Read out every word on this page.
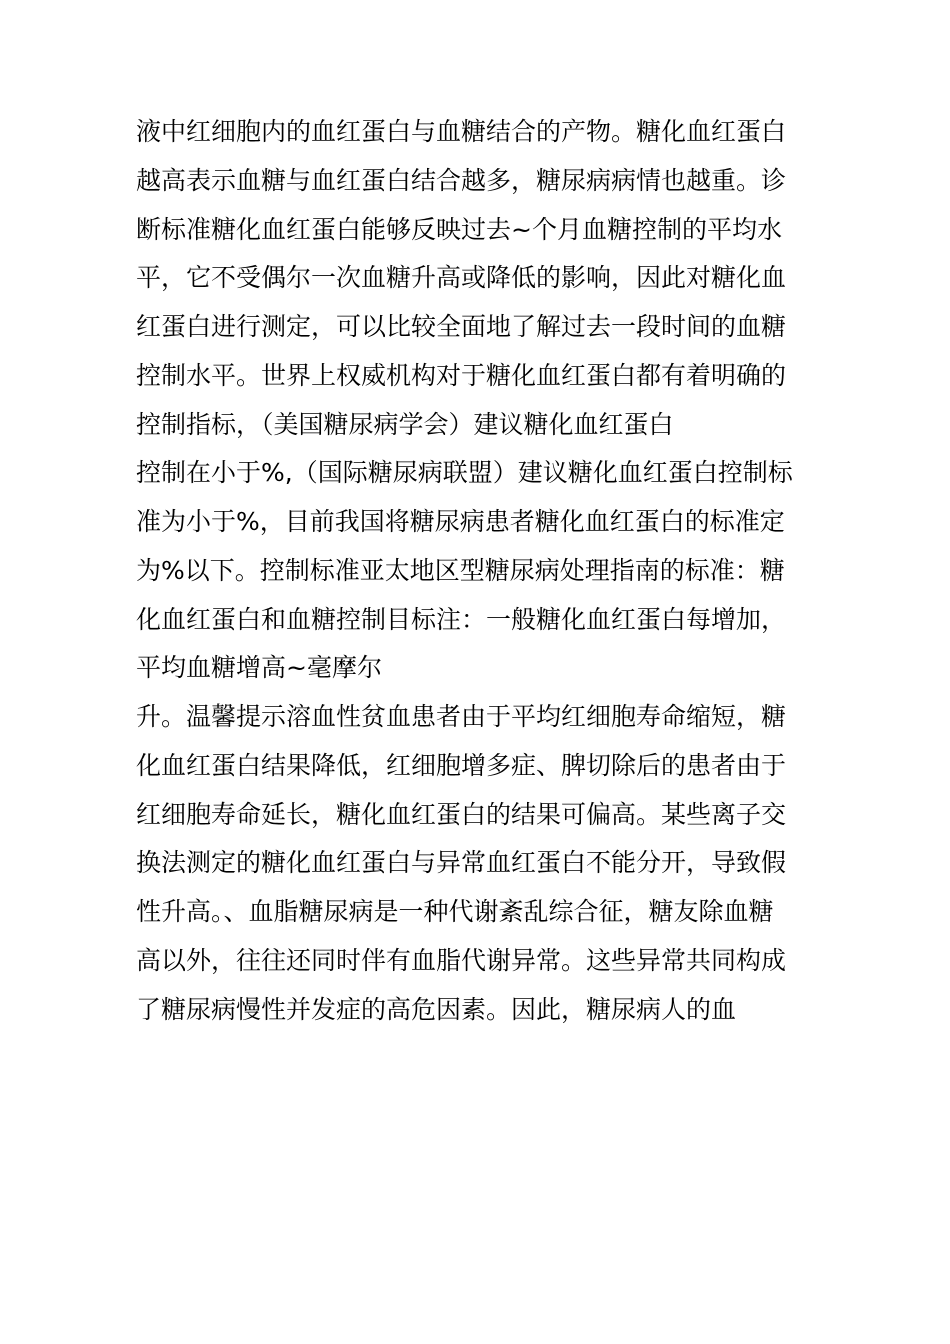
液中红细胞内的血红蛋白与血糖结合的产物。糖化血红蛋白
越高表示血糖与血红蛋白结合越多，糖尿病病情也越重。诊
断标准糖化血红蛋白能够反映过去~个月血糖控制的平均水
平，它不受偶尔一次血糖升高或降低的影响，因此对糖化血
红蛋白进行测定，可以比较全面地了解过去一段时间的血糖
控制水平。世界上权威机构对于糖化血红蛋白都有着明确的
控制指标，（美国糖尿病学会）建议糖化血红蛋白
控制在小于%,（国际糖尿病联盟）建议糖化血红蛋白控制标
准为小于%，目前我国将糖尿病患者糖化血红蛋白的标准定
为%以下。控制标准亚太地区型糖尿病处理指南的标准：糖
化血红蛋白和血糖控制目标注：一般糖化血红蛋白每增加，
平均血糖增高~毫摩尔
升。温馨提示溶血性贫血患者由于平均红细胞寿命缩短，糖
化血红蛋白结果降低，红细胞增多症、脾切除后的患者由于
红细胞寿命延长，糖化血红蛋白的结果可偏高。某些离子交
换法测定的糖化血红蛋白与异常血红蛋白不能分开，导致假
性升高。、血脂糖尿病是一种代谢紊乱综合征，糖友除血糖
高以外，往往还同时伴有血脂代谢异常。这些异常共同构成
了糖尿病慢性并发症的高危因素。因此，糖尿病人的血
